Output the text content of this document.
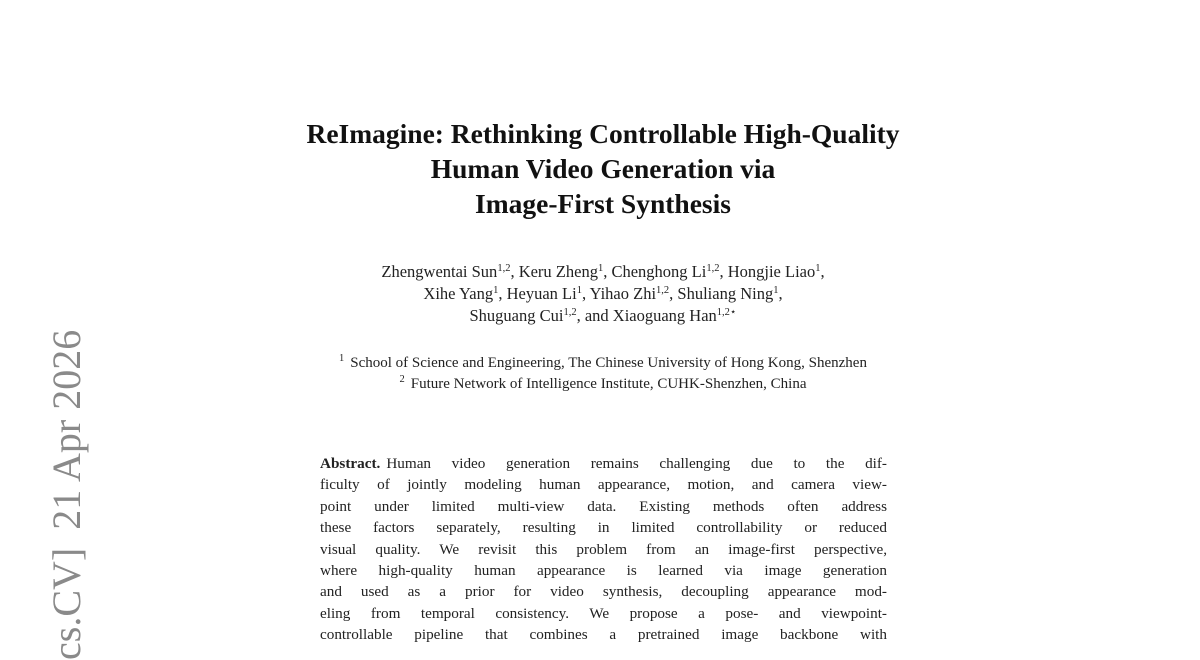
cs.CV]21 Apr 2026
ReImagine: Rethinking Controllable High-Quality
Human Video Generation via
Image-First Synthesis
Zhengwentai Sun$^{1,2}$, Keru Zheng$^1$, Chenghong Li$^{1,2}$, Hongjie Liao$^1$,
Xihe Yang$^1$, Heyuan Li$^1$, Yihao Zhi$^{1,2}$, Shuliang Ning$^1$,
Shuguang Cui$^{1,2}$, and Xiaoguang Han$^{1,2⋆}$
$^1$ School of Science and Engineering, The Chinese University of Hong Kong, Shenzhen
$^2$ Future Network of Intelligence Institute, CUHK-Shenzhen, China
Abstract. Human video generation remains challenging due to the dif-
ficulty of jointly modeling human appearance, motion, and camera view-
point under limited multi-view data. Existing methods often address
these factors separately, resulting in limited controllability or reduced
visual quality. We revisit this problem from an image-first perspective,
where high-quality human appearance is learned via image generation
and used as a prior for video synthesis, decoupling appearance mod-
eling from temporal consistency. We propose a pose- and viewpoint-
controllable pipeline that combines a pretrained image backbone with
